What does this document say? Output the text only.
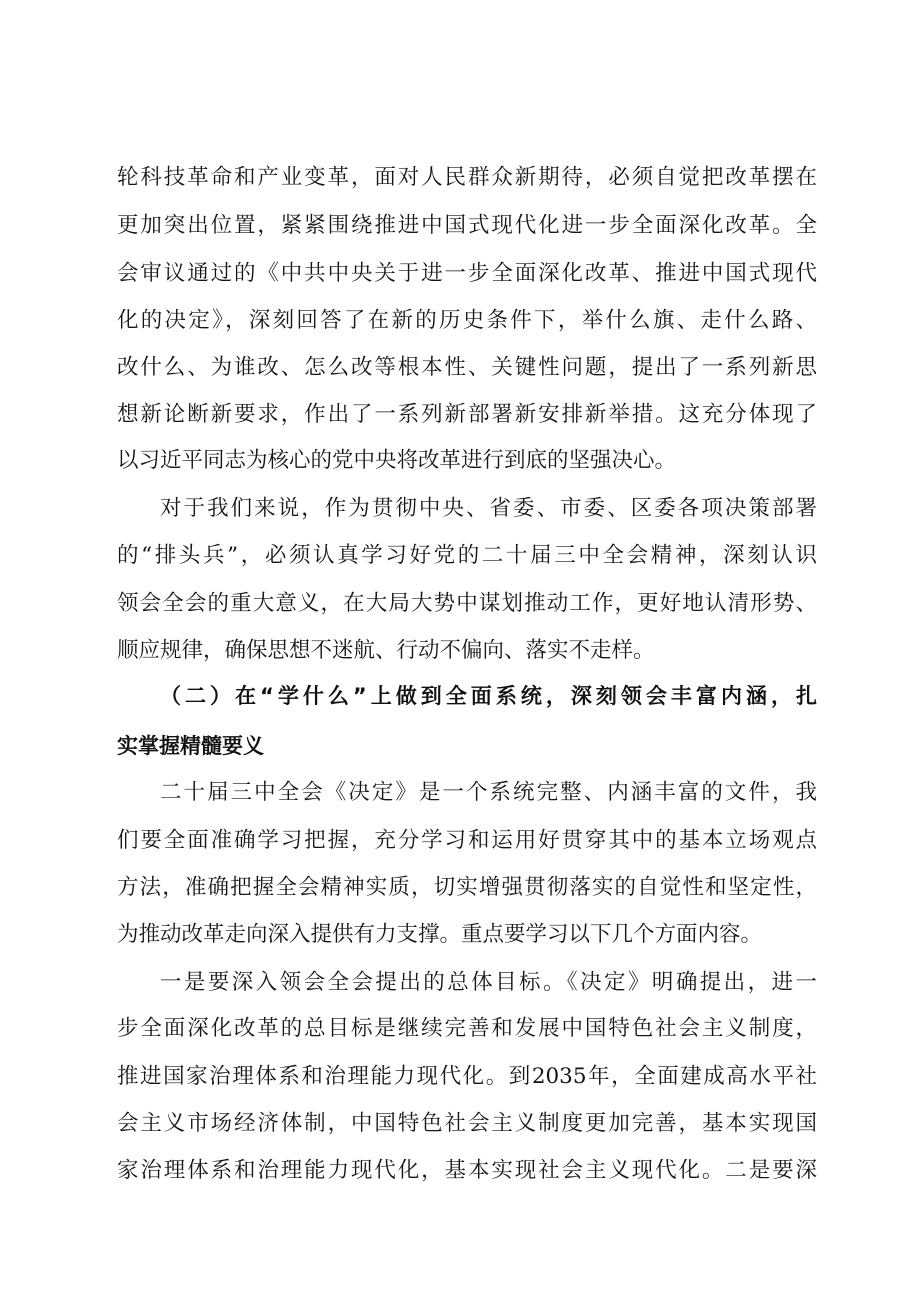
轮科技革命和产业变革，面对人民群众新期待，必须自觉把改革摆在

更加突出位置，紧紧围绕推进中国式现代化进一步全面深化改革。全

会审议通过的《中共中央关于进一步全面深化改革、推进中国式现代

化的决定》，深刻回答了在新的历史条件下，举什么旗、走什么路、

改什么、为谁改、怎么改等根本性、关键性问题，提出了一系列新思

想新论断新要求，作出了一系列新部署新安排新举措。这充分体现了

以习近平同志为核心的党中央将改革进行到底的坚强决心。

对于我们来说，作为贯彻中央、省委、市委、区委各项决策部署

的“排头兵”，必须认真学习好党的二十届三中全会精神，深刻认识

领会全会的重大意义，在大局大势中谋划推动工作，更好地认清形势、

顺应规律，确保思想不迷航、行动不偏向、落实不走样。

（二）在“学什么”上做到全面系统，深刻领会丰富内涵，扎

实掌握精髓要义

二十届三中全会《决定》是一个系统完整、内涵丰富的文件，我

们要全面准确学习把握，充分学习和运用好贯穿其中的基本立场观点

方法，准确把握全会精神实质，切实增强贯彻落实的自觉性和坚定性，

为推动改革走向深入提供有力支撑。重点要学习以下几个方面内容。

一是要深入领会全会提出的总体目标。《决定》明确提出，进一

步全面深化改革的总目标是继续完善和发展中国特色社会主义制度，

推进国家治理体系和治理能力现代化。到2035年，全面建成高水平社

会主义市场经济体制，中国特色社会主义制度更加完善，基本实现国

家治理体系和治理能力现代化，基本实现社会主义现代化。二是要深
